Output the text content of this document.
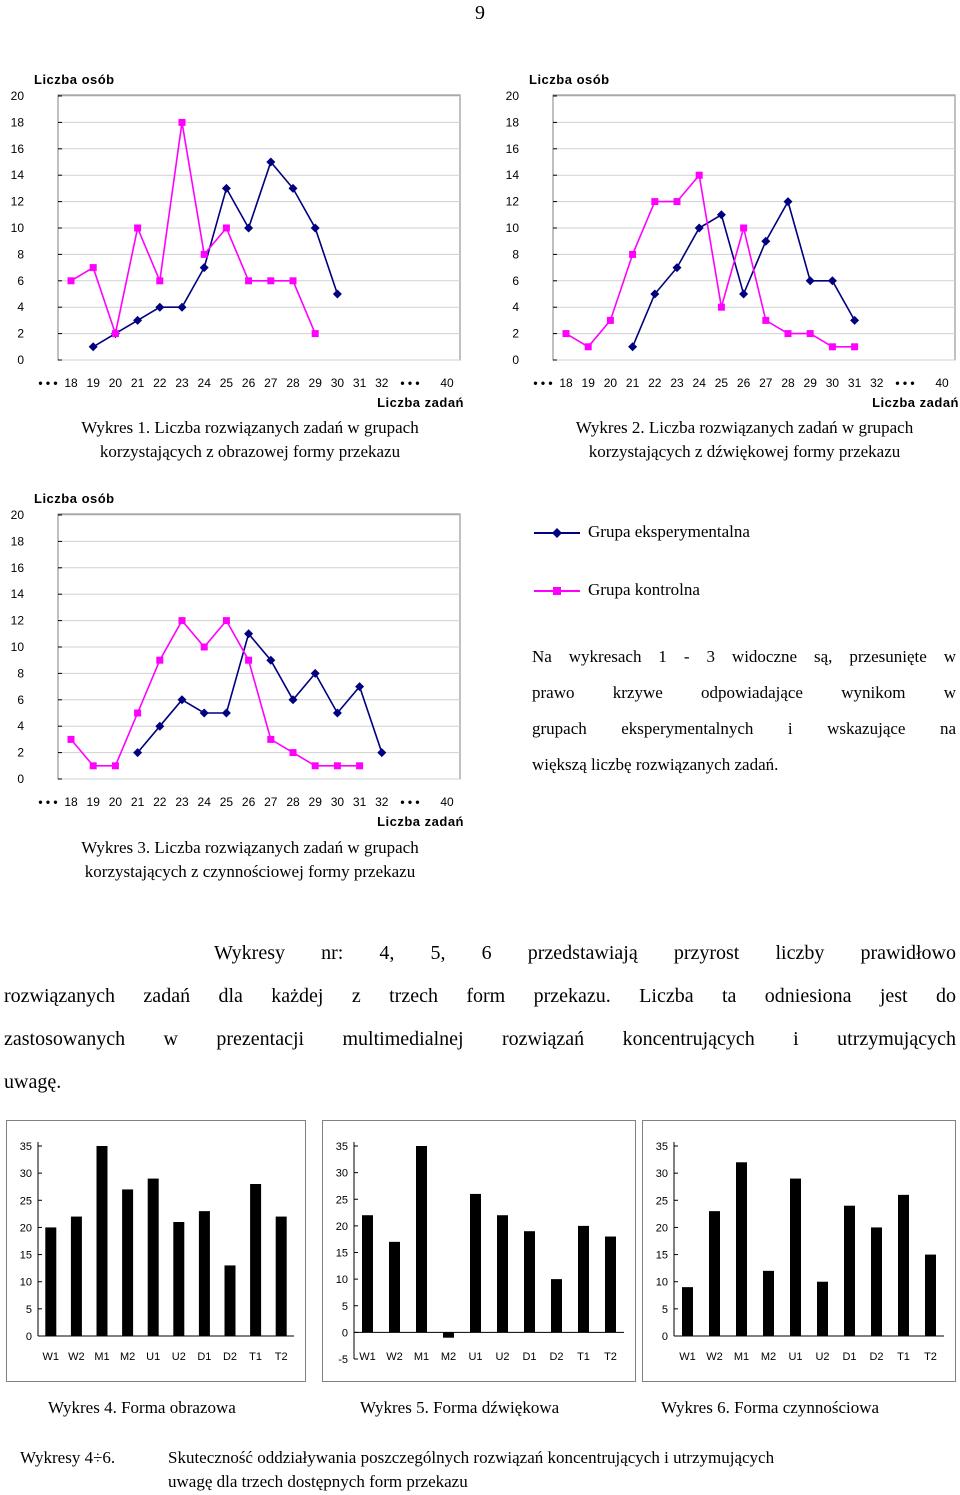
9
Liczba osób
0
2
4
6
8
10
12
14
16
18
20
• • • 18 19 20 21 22 23 24 25 26 27 28 29 30 31 32	40
• • •
Liczba zadań
Liczba osób
0
2
4
6
8
10
12
14
16
18
20
• • • 18 19 20 21 22 23 24 25 26 27 28 29 30 31 32	40
• • •
Liczba zadań
Liczba osób
0
2
4
6
8
10
12
14
16
18
20
• • • 18 19 20 21 22 23 24 25 26 27 28 29 30 31 32	40
• • •
Liczba zadań
Wykres 1. Liczba rozwiązanych zadań w grupach
korzystających z obrazowej formy przekazu
Wykres 2. Liczba rozwiązanych zadań w grupach
korzystających z dźwiękowej formy przekazu
Wykres 3. Liczba rozwiązanych zadań w grupach
korzystających z czynnościowej formy przekazu
Grupa eksperymentalna
Grupa kontrolna
Na wykresach 1 - 3 widoczne są, przesunięte w
prawo krzywe odpowiadające wynikom w
grupach eksperymentalnych i wskazujące na
większą liczbę rozwiązanych zadań.
Wykresy nr: 4, 5, 6 przedstawiają przyrost liczby prawidłowo
rozwiązanych zadań dla każdej z trzech form przekazu. Liczba ta odniesiona jest do
zastosowanych w prezentacji multimedialnej rozwiązań koncentrujących i utrzymujących
uwagę.
0
5
10
15
20
25
30
35
W1 W2 M1 M2 U1 U2 D1 D2 T1 T2	-5
0
5
10
15
20
25
30
35
W1 W2 M1 M2 U1 U2 D1 D2 T1 T2
0
5
10
15
20
25
30
35
W1 W2 M1 M2 U1 U2 D1 D2 T1 T2
Wykres 4. Forma obrazowa	Wykres 5. Forma dźwiękowa	Wykres 6. Forma czynnościowa
Wykresy 4÷6.	Skuteczność oddziaływania poszczególnych rozwiązań koncentrujących i utrzymujących
uwagę dla trzech dostępnych form przekazu
